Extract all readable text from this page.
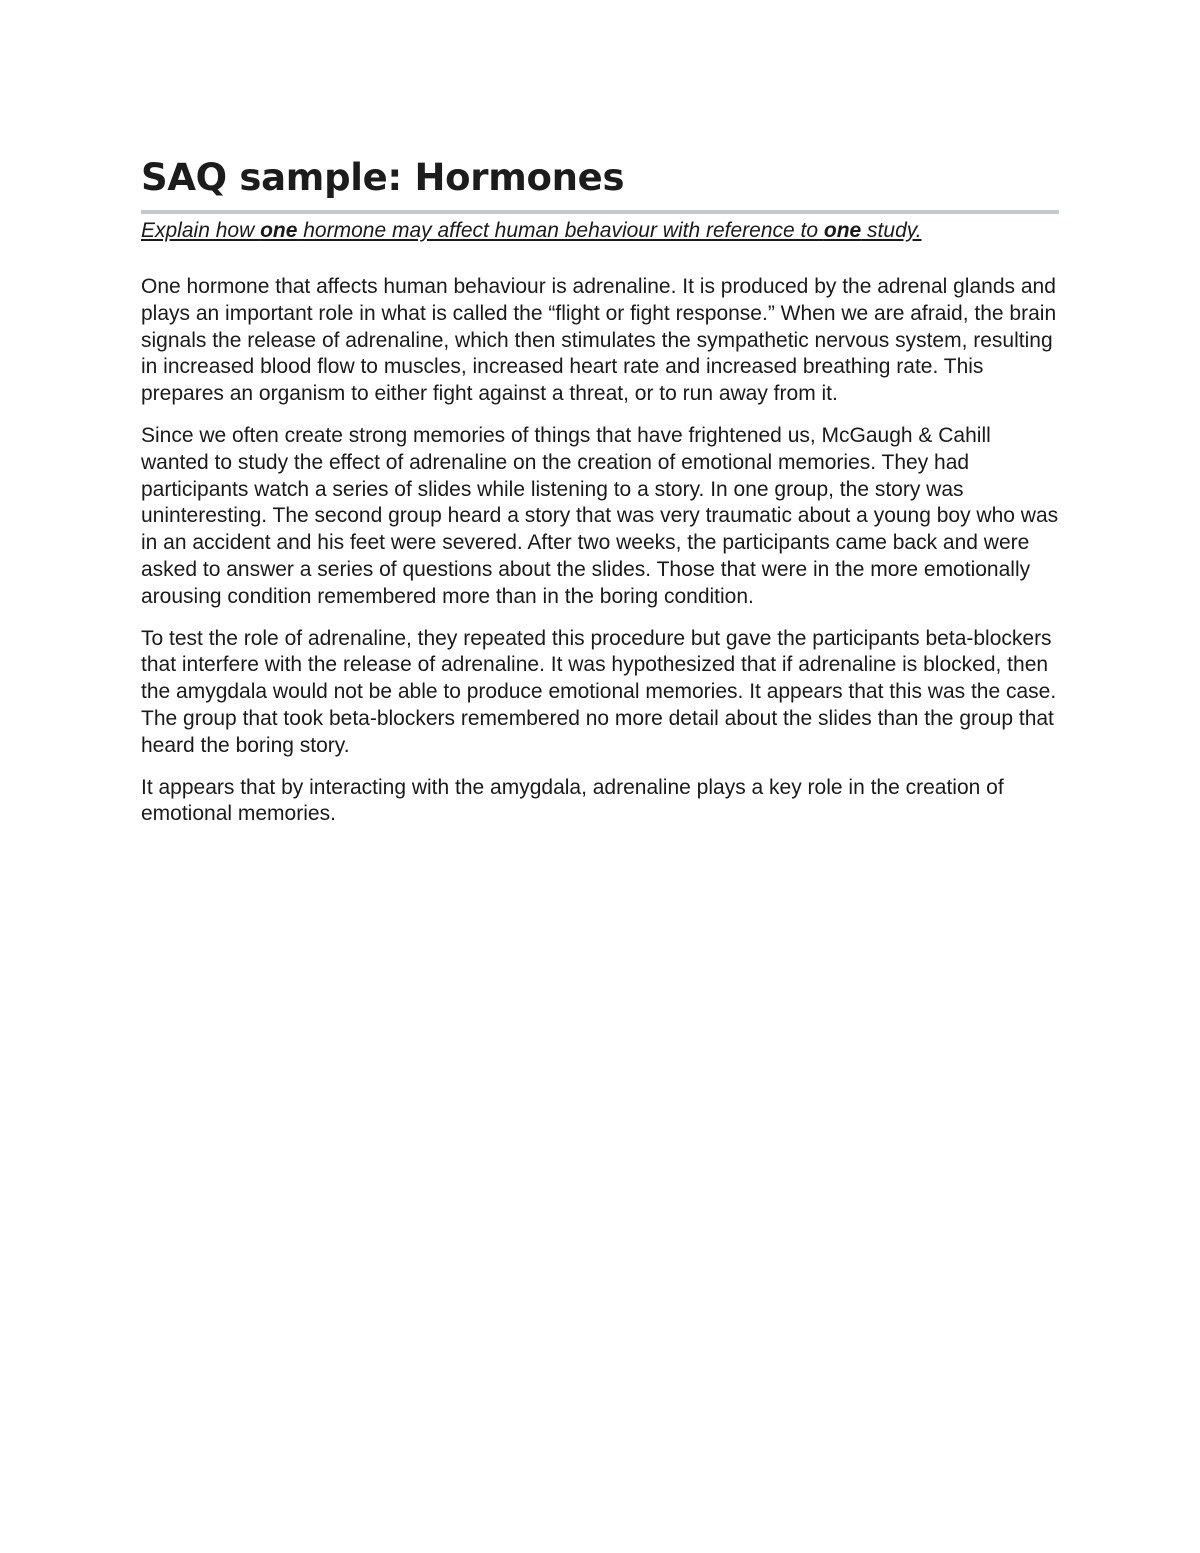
SAQ sample: Hormones
Explain how one hormone may affect human behaviour with reference to one study.

One hormone that affects human behaviour is adrenaline. It is produced by the adrenal glands and plays an important role in what is called the “flight or fight response.” When we are afraid, the brain signals the release of adrenaline, which then stimulates the sympathetic nervous system, resulting in increased blood flow to muscles, increased heart rate and increased breathing rate. This prepares an organism to either fight against a threat, or to run away from it.

Since we often create strong memories of things that have frightened us, McGaugh & Cahill wanted to study the effect of adrenaline on the creation of emotional memories. They had participants watch a series of slides while listening to a story. In one group, the story was uninteresting. The second group heard a story that was very traumatic about a young boy who was in an accident and his feet were severed. After two weeks, the participants came back and were asked to answer a series of questions about the slides. Those that were in the more emotionally arousing condition remembered more than in the boring condition.

To test the role of adrenaline, they repeated this procedure but gave the participants beta-blockers that interfere with the release of adrenaline. It was hypothesized that if adrenaline is blocked, then the amygdala would not be able to produce emotional memories. It appears that this was the case. The group that took beta-blockers remembered no more detail about the slides than the group that heard the boring story.

It appears that by interacting with the amygdala, adrenaline plays a key role in the creation of emotional memories.
